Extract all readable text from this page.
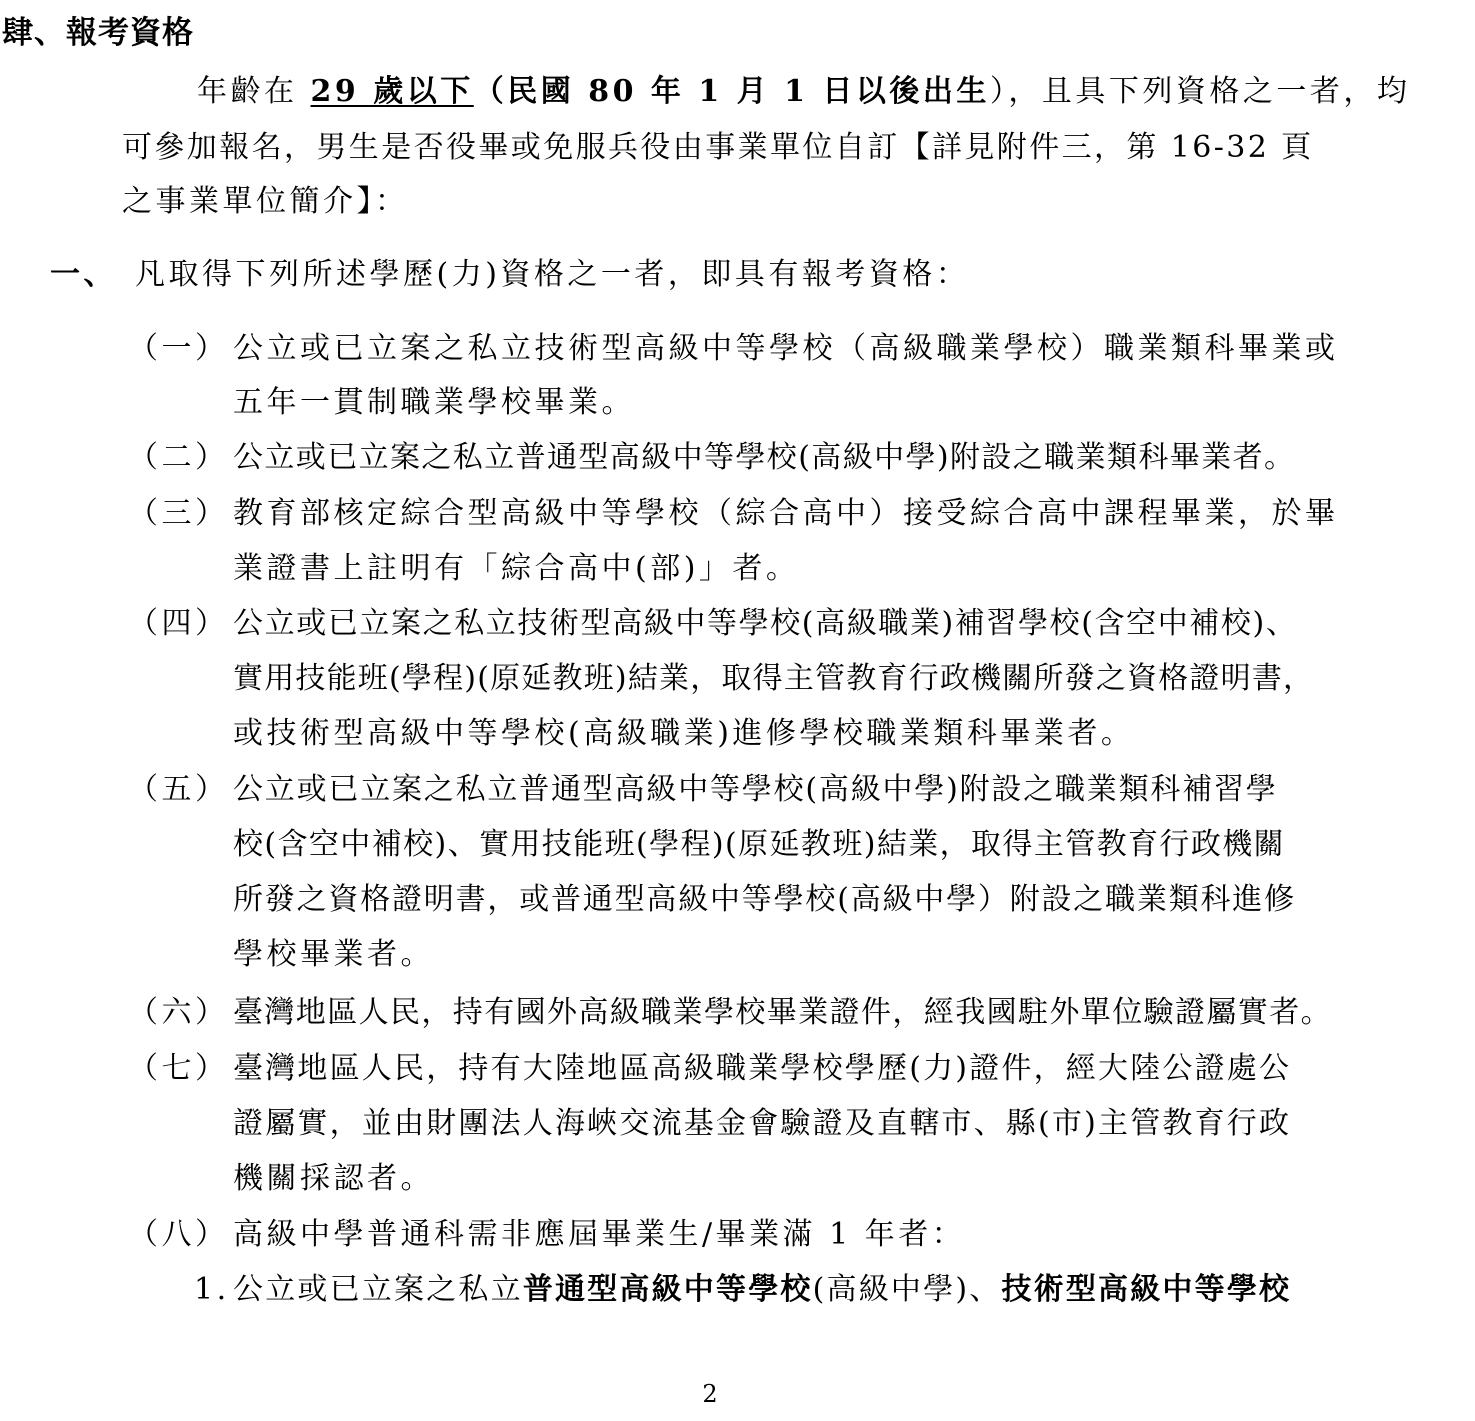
肆、報考資格
年齡在 29 歲以下（民國 80 年 1 月 1 日以後出生），且具下列資格之一者，均
可參加報名，男生是否役畢或免服兵役由事業單位自訂【詳見附件三，第 16-32 頁
之事業單位簡介】：
一、 凡取得下列所述學歷(力)資格之一者，即具有報考資格：
（一） 公立或已立案之私立技術型高級中等學校（高級職業學校）職業類科畢業或
五年一貫制職業學校畢業。
（二） 公立或已立案之私立普通型高級中等學校(高級中學)附設之職業類科畢業者。
（三） 教育部核定綜合型高級中等學校（綜合高中）接受綜合高中課程畢業，於畢
業證書上註明有「綜合高中(部)」者。
（四） 公立或已立案之私立技術型高級中等學校(高級職業)補習學校(含空中補校)、
實用技能班(學程)(原延教班)結業，取得主管教育行政機關所發之資格證明書，
或技術型高級中等學校(高級職業)進修學校職業類科畢業者。
（五） 公立或已立案之私立普通型高級中等學校(高級中學)附設之職業類科補習學
校(含空中補校)、實用技能班(學程)(原延教班)結業，取得主管教育行政機關
所發之資格證明書，或普通型高級中等學校(高級中學）附設之職業類科進修
學校畢業者。
（六） 臺灣地區人民，持有國外高級職業學校畢業證件，經我國駐外單位驗證屬實者。
（七） 臺灣地區人民，持有大陸地區高級職業學校學歷(力)證件，經大陸公證處公
證屬實，並由財團法人海峽交流基金會驗證及直轄市、縣(市)主管教育行政
機關採認者。
（八） 高級中學普通科需非應屆畢業生/畢業滿 1 年者：
1. 公立或已立案之私立普通型高級中等學校(高級中學)、技術型高級中等學校
2
